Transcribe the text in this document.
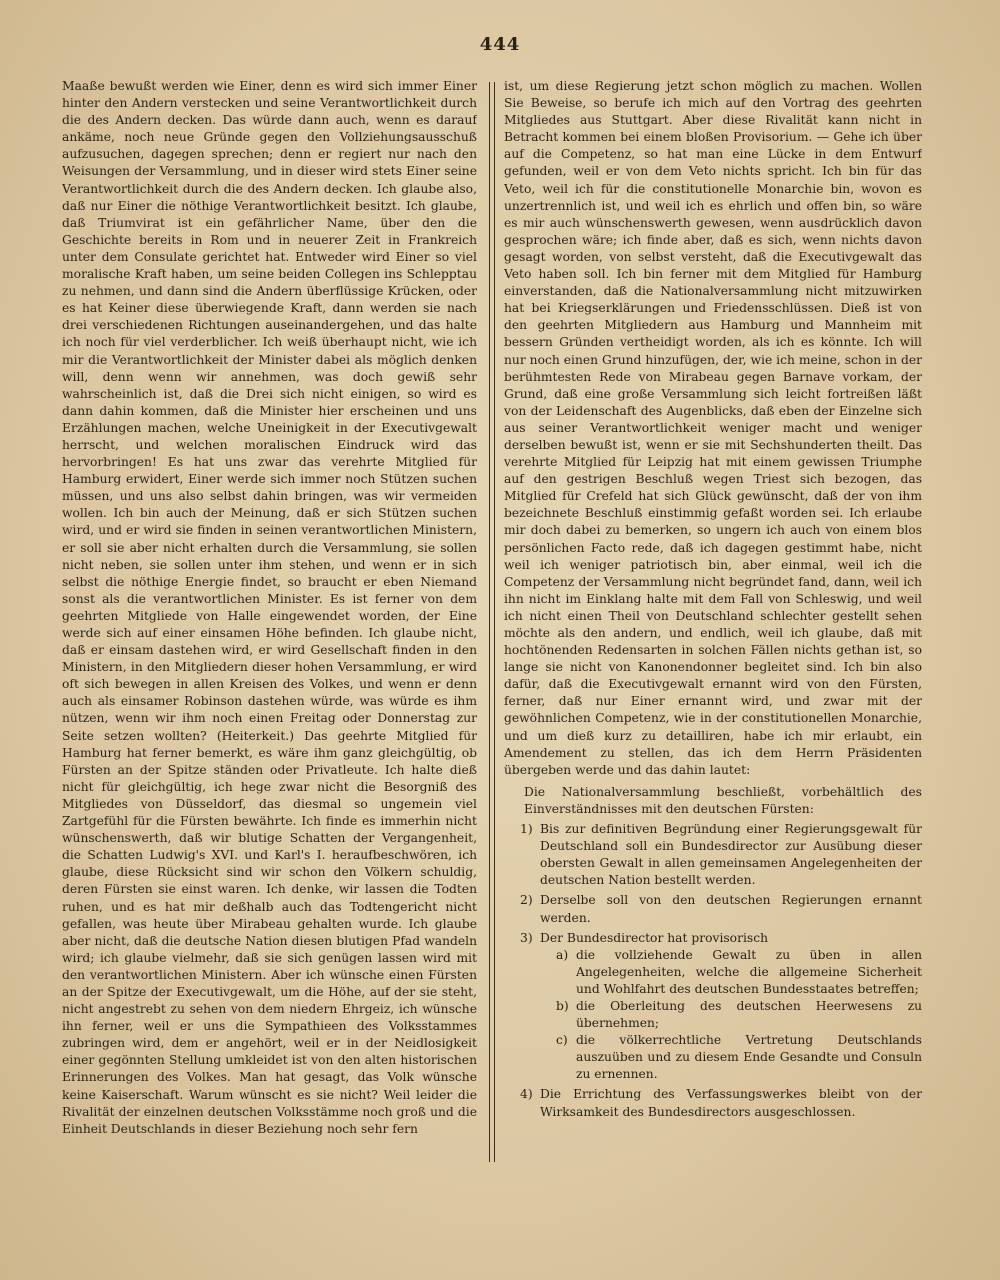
444

Maaße bewußt werden wie Einer, denn es wird sich immer Einer hinter den Andern verstecken und seine Verantwortlichkeit durch die des Andern decken. Das würde dann auch, wenn es darauf ankäme, noch neue Gründe gegen den Vollziehungsausschuß aufzusuchen, dagegen sprechen; denn er regiert nur nach den Weisungen der Versammlung, und in dieser wird stets Einer seine Verantwortlichkeit durch die des Andern decken. Ich glaube also, daß nur Einer die nöthige Verantwortlichkeit besitzt. Ich glaube, daß Triumvirat ist ein gefährlicher Name, über den die Geschichte bereits in Rom und in neuerer Zeit in Frankreich unter dem Consulate gerichtet hat. Entweder wird Einer so viel moralische Kraft haben, um seine beiden Collegen ins Schlepptau zu nehmen, und dann sind die Andern überflüssige Krücken, oder es hat Keiner diese überwiegende Kraft, dann werden sie nach drei verschiedenen Richtungen auseinandergehen, und das halte ich noch für viel verderblicher. Ich weiß überhaupt nicht, wie ich mir die Verantwortlichkeit der Minister dabei als möglich denken will, denn wenn wir annehmen, was doch gewiß sehr wahrscheinlich ist, daß die Drei sich nicht einigen, so wird es dann dahin kommen, daß die Minister hier erscheinen und uns Erzählungen machen, welche Uneinigkeit in der Executivgewalt herrscht, und welchen moralischen Eindruck wird das hervorbringen! Es hat uns zwar das verehrte Mitglied für Hamburg erwidert, Einer werde sich immer noch Stützen suchen müssen, und uns also selbst dahin bringen, was wir vermeiden wollen. Ich bin auch der Meinung, daß er sich Stützen suchen wird, und er wird sie finden in seinen verantwortlichen Ministern, er soll sie aber nicht erhalten durch die Versammlung, sie sollen nicht neben, sie sollen unter ihm stehen, und wenn er in sich selbst die nöthige Energie findet, so braucht er eben Niemand sonst als die verantwortlichen Minister. Es ist ferner von dem geehrten Mitgliede von Halle eingewendet worden, der Eine werde sich auf einer einsamen Höhe befinden. Ich glaube nicht, daß er einsam dastehen wird, er wird Gesellschaft finden in den Ministern, in den Mitgliedern dieser hohen Versammlung, er wird oft sich bewegen in allen Kreisen des Volkes, und wenn er denn auch als einsamer Robinson dastehen würde, was würde es ihm nützen, wenn wir ihm noch einen Freitag oder Donnerstag zur Seite setzen wollten? (Heiterkeit.) Das geehrte Mitglied für Hamburg hat ferner bemerkt, es wäre ihm ganz gleichgültig, ob Fürsten an der Spitze ständen oder Privatleute. Ich halte dieß nicht für gleichgültig, ich hege zwar nicht die Besorgniß des Mitgliedes von Düsseldorf, das diesmal so ungemein viel Zartgefühl für die Fürsten bewährte. Ich finde es immerhin nicht wünschenswerth, daß wir blutige Schatten der Vergangenheit, die Schatten Ludwig's XVI. und Karl's I. heraufbeschwören, ich glaube, diese Rücksicht sind wir schon den Völkern schuldig, deren Fürsten sie einst waren. Ich denke, wir lassen die Todten ruhen, und es hat mir deßhalb auch das Todtengericht nicht gefallen, was heute über Mirabeau gehalten wurde. Ich glaube aber nicht, daß die deutsche Nation diesen blutigen Pfad wandeln wird; ich glaube vielmehr, daß sie sich genügen lassen wird mit den verantwortlichen Ministern. Aber ich wünsche einen Fürsten an der Spitze der Executivgewalt, um die Höhe, auf der sie steht, nicht angestrebt zu sehen von dem niedern Ehrgeiz, ich wünsche ihn ferner, weil er uns die Sympathieen des Volksstammes zubringen wird, dem er angehört, weil er in der Neidlosigkeit einer gegönnten Stellung umkleidet ist von den alten historischen Erinnerungen des Volkes. Man hat gesagt, das Volk wünsche keine Kaiserschaft. Warum wünscht es sie nicht? Weil leider die Rivalität der einzelnen deutschen Volksstämme noch groß und die Einheit Deutschlands in dieser Beziehung noch sehr fern

ist, um diese Regierung jetzt schon möglich zu machen. Wollen Sie Beweise, so berufe ich mich auf den Vortrag des geehrten Mitgliedes aus Stuttgart. Aber diese Rivalität kann nicht in Betracht kommen bei einem bloßen Provisorium. — Gehe ich über auf die Competenz, so hat man eine Lücke in dem Entwurf gefunden, weil er von dem Veto nichts spricht. Ich bin für das Veto, weil ich für die constitutionelle Monarchie bin, wovon es unzertrennlich ist, und weil ich es ehrlich und offen bin, so wäre es mir auch wünschenswerth gewesen, wenn ausdrücklich davon gesprochen wäre; ich finde aber, daß es sich, wenn nichts davon gesagt worden, von selbst versteht, daß die Executivgewalt das Veto haben soll. Ich bin ferner mit dem Mitglied für Hamburg einverstanden, daß die Nationalversammlung nicht mitzuwirken hat bei Kriegserklärungen und Friedensschlüssen. Dieß ist von den geehrten Mitgliedern aus Hamburg und Mannheim mit bessern Gründen vertheidigt worden, als ich es könnte. Ich will nur noch einen Grund hinzufügen, der, wie ich meine, schon in der berühmtesten Rede von Mirabeau gegen Barnave vorkam, der Grund, daß eine große Versammlung sich leicht fortreißen läßt von der Leidenschaft des Augenblicks, daß eben der Einzelne sich aus seiner Verantwortlichkeit weniger macht und weniger derselben bewußt ist, wenn er sie mit Sechshunderten theilt. Das verehrte Mitglied für Leipzig hat mit einem gewissen Triumphe auf den gestrigen Beschluß wegen Triest sich bezogen, das Mitglied für Crefeld hat sich Glück gewünscht, daß der von ihm bezeichnete Beschluß einstimmig gefaßt worden sei. Ich erlaube mir doch dabei zu bemerken, so ungern ich auch von einem blos persönlichen Facto rede, daß ich dagegen gestimmt habe, nicht weil ich weniger patriotisch bin, aber einmal, weil ich die Competenz der Versammlung nicht begründet fand, dann, weil ich ihn nicht im Einklang halte mit dem Fall von Schleswig, und weil ich nicht einen Theil von Deutschland schlechter gestellt sehen möchte als den andern, und endlich, weil ich glaube, daß mit hochtönenden Redensarten in solchen Fällen nichts gethan ist, so lange sie nicht von Kanonendonner begleitet sind. Ich bin also dafür, daß die Executivgewalt ernannt wird von den Fürsten, ferner, daß nur Einer ernannt wird, und zwar mit der gewöhnlichen Competenz, wie in der constitutionellen Monarchie, und um dieß kurz zu detailliren, habe ich mir erlaubt, ein Amendement zu stellen, das ich dem Herrn Präsidenten übergeben werde und das dahin lautet:

Die Nationalversammlung beschließt, vorbehältlich des Einverständnisses mit den deutschen Fürsten:

1) Bis zur definitiven Begründung einer Regierungsgewalt für Deutschland soll ein Bundesdirector zur Ausübung dieser obersten Gewalt in allen gemeinsamen Angelegenheiten der deutschen Nation bestellt werden.

2) Derselbe soll von den deutschen Regierungen ernannt werden.

3) Der Bundesdirector hat provisorisch

a) die vollziehende Gewalt zu üben in allen Angelegenheiten, welche die allgemeine Sicherheit und Wohlfahrt des deutschen Bundesstaates betreffen;

b) die Oberleitung des deutschen Heerwesens zu übernehmen;

c) die völkerrechtliche Vertretung Deutschlands auszuüben und zu diesem Ende Gesandte und Consuln zu ernennen.

4) Die Errichtung des Verfassungswerkes bleibt von der Wirksamkeit des Bundesdirectors ausgeschlossen.
